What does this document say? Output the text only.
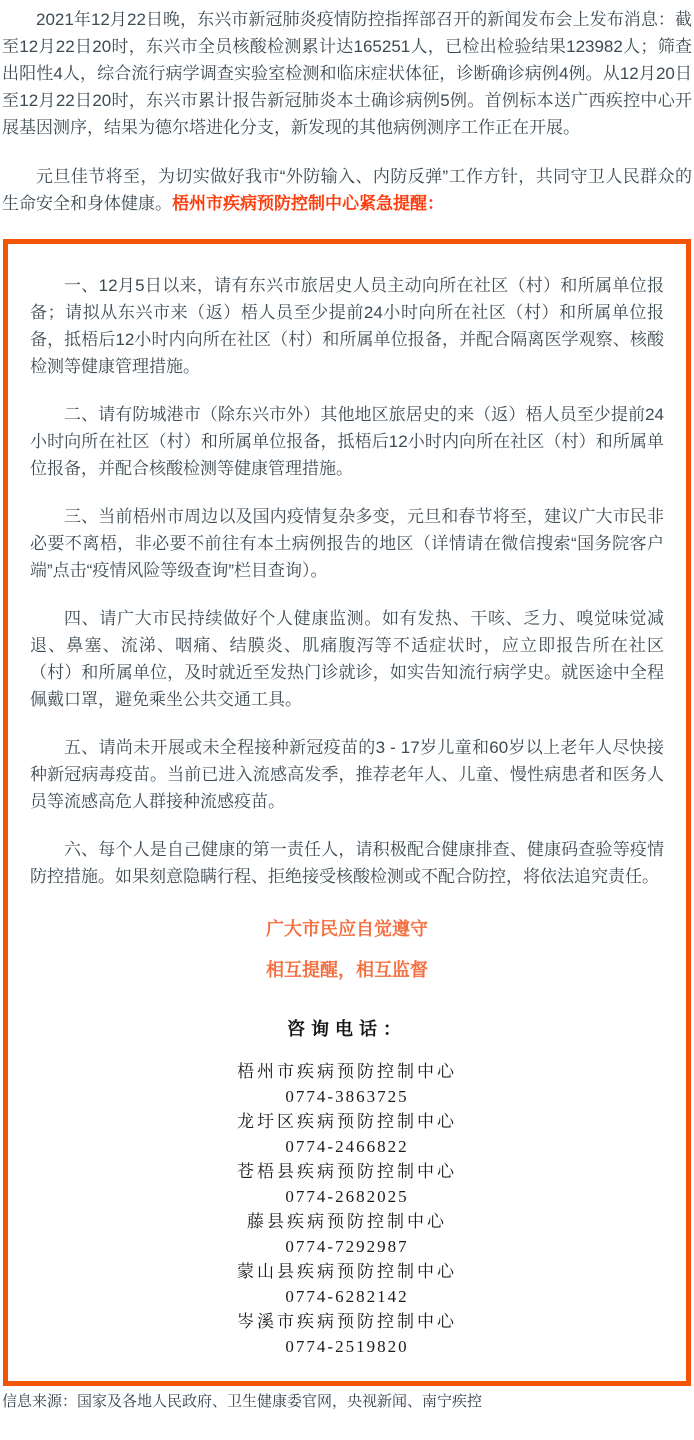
2021年12月22日晚，东兴市新冠肺炎疫情防控指挥部召开的新闻发布会上发布消息：截至12月22日20时，东兴市全员核酸检测累计达165251人，已检出检验结果123982人；筛查出阳性4人，综合流行病学调查实验室检测和临床症状体征，诊断确诊病例4例。从12月20日至12月22日20时，东兴市累计报告新冠肺炎本土确诊病例5例。首例标本送广西疾控中心开展基因测序，结果为德尔塔进化分支，新发现的其他病例测序工作正在开展。

元旦佳节将至，为切实做好我市“外防输入、内防反弹”工作方针，共同守卫人民群众的生命安全和身体健康。梧州市疾病预防控制中心紧急提醒：

一、12月5日以来，请有东兴市旅居史人员主动向所在社区（村）和所属单位报备；请拟从东兴市来（返）梧人员至少提前24小时向所在社区（村）和所属单位报备，抵梧后12小时内向所在社区（村）和所属单位报备，并配合隔离医学观察、核酸检测等健康管理措施。

二、请有防城港市（除东兴市外）其他地区旅居史的来（返）梧人员至少提前24小时向所在社区（村）和所属单位报备，抵梧后12小时内向所在社区（村）和所属单位报备，并配合核酸检测等健康管理措施。

三、当前梧州市周边以及国内疫情复杂多变，元旦和春节将至，建议广大市民非必要不离梧，非必要不前往有本土病例报告的地区（详情请在微信搜索“国务院客户端”点击“疫情风险等级查询”栏目查询）。

四、请广大市民持续做好个人健康监测。如有发热、干咳、乏力、嗅觉味觉减退、鼻塞、流涕、咽痛、结膜炎、肌痛腹泻等不适症状时，应立即报告所在社区（村）和所属单位，及时就近至发热门诊就诊，如实告知流行病学史。就医途中全程佩戴口罩，避免乘坐公共交通工具。

五、请尚未开展或未全程接种新冠疫苗的3 - 17岁儿童和60岁以上老年人尽快接种新冠病毒疫苗。当前已进入流感高发季，推荐老年人、儿童、慢性病患者和医务人员等流感高危人群接种流感疫苗。

六、每个人是自己健康的第一责任人，请积极配合健康排查、健康码查验等疫情防控措施。如果刻意隐瞒行程、拒绝接受核酸检测或不配合防控，将依法追究责任。

广大市民应自觉遵守

相互提醒，相互监督

咨询电话：

梧州市疾病预防控制中心

0774-3863725

龙圩区疾病预防控制中心

0774-2466822

苍梧县疾病预防控制中心

0774-2682025

藤县疾病预防控制中心

0774-7292987

蒙山县疾病预防控制中心

0774-6282142

岑溪市疾病预防控制中心

0774-2519820

信息来源：国家及各地人民政府、卫生健康委官网，央视新闻、南宁疾控
